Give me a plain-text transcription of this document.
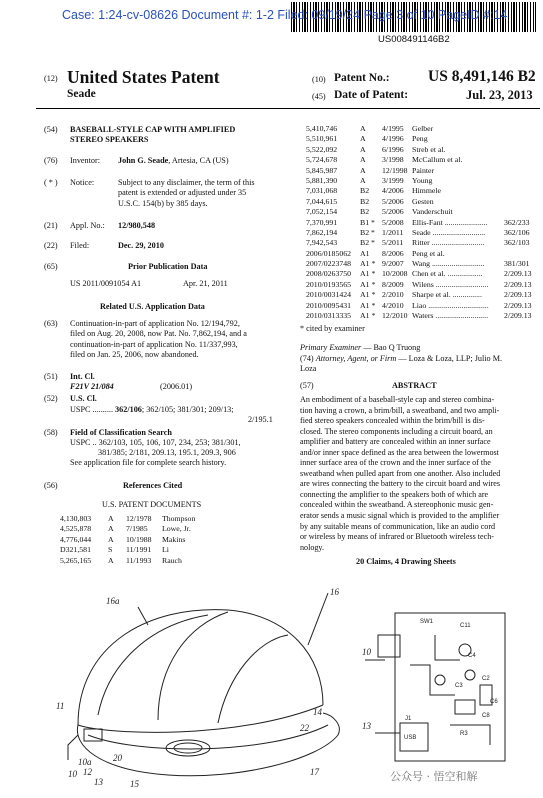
Case: 1:24-cv-08626 Document #: 1-2 Filed: 09/19/24 Page 3 of 10 PageID #:14
US008491146B2
(12) United States Patent
Seade
(10) Patent No.: US 8,491,146 B2
(45) Date of Patent:	Jul. 23, 2013
(54) BASEBALL-STYLE CAP WITH AMPLIFIED
STEREO SPEAKERS
(76) Inventor: John G. Seade, Artesia, CA (US)
( * ) Notice:	Subject to any disclaimer, the term of this
patent is extended or adjusted under 35
U.S.C. 154(b) by 385 days.
(21) Appl. No.: 12/980,548
(22) Filed:	Dec. 29, 2010
(65)	Prior Publication Data
US 2011/0091054 A1	Apr. 21, 2011
Related U.S. Application Data
(63) Continuation-in-part of application No. 12/194,792,
filed on Aug. 20, 2008, now Pat. No. 7,862,194, and a
continuation-in-part of application No. 11/337,993,
filed on Jan. 25, 2006, now abandoned.
(51) Int. Cl.
F21V 21/084	(2006.01)
(52) U.S. Cl.
USPC .......... 362/106; 362/105; 381/301; 209/13;
2/195.1
(58) Field of Classification Search
USPC .. 362/103, 105, 106, 107, 234, 253; 381/301,
381/385; 2/181, 209.13, 195.1, 209.3, 906
See application file for complete search history.
(56)	References Cited
U.S. PATENT DOCUMENTS
4,130,803 A 12/1978 Thompson
4,525,878 A 7/1985 Lowe, Jr.
4,776,044 A 10/1988 Makins
D321,581 S 11/1991 Li
5,265,165 A 11/1993 Rauch
5,410,746	A 4/1995 Gelber
5,510,961	A 4/1996 Peng
5,522,092	A 6/1996 Streb et al.
5,724,678	A 3/1998 McCallum et al.
5,845,987	A 12/1998 Painter
5,881,390	A 3/1999 Young
7,031,068	B2 4/2006 Himmele
7,044,615	B2 5/2006 Gesten
7,052,154	B2 5/2006 Vanderschuit
7,370,991	B1 * 5/2008 Ellis-Fant ...................... 362/233
7,862,194	B2 * 1/2011 Seade ........................... 362/106
7,942,543	B2 * 5/2011 Ritter ...........................	362/103
2006/0185062 A1 8/2006 Peng et al.
2007/0223748 A1 * 9/2007 Wang ........................... 381/301
2008/0263750 A1 * 10/2008 Chen et al. ..................	2/209.13
2010/0193565 A1 * 8/2009 Wilens ........................... 2/209.13
2010/0031424 A1 * 2/2010 Sharpe et al. ...............	2/209.13
2010/0095431 A1 * 4/2010 Liao ............................... 2/209.13
2010/0313335 A1 * 12/2010 Waters ........................... 2/209.13
* cited by examiner
Primary Examiner — Bao Q Truong
(74) Attorney, Agent, or Firm — Loza & Loza, LLP; Julio M.
Loza
(57)	ABSTRACT
An embodiment of a baseball-style cap and stereo combina-
tion having a crown, a brim/bill, a sweatband, and two ampli-
fied stereo speakers concealed within the brim/bill is dis-
closed. The stereo components including a circuit board, an
amplifier and battery are concealed within an inner surface
and/or inner space defined as the area between the lowermost
inner surface area of the crown and the inner surface of the
sweatband when pulled apart from one another. Also included
are wires connecting the battery to the circuit board and wires
connecting the amplifier to the speakers both of which are
concealed within the sweatband. A stereophonic music gen-
erator sends a music signal which is provided to the amplifier
by any suitable means of communication, like an audio cord
or wireless by means of infrared or Bluetooth wireless tech-
nology.
20 Claims, 4 Drawing Sheets
16a
16
11
14
22
10a
12
13
20
10
15
17
SW1
C11
10	C4
C3
C2
C6
13
J1
USB
R3
C8
公众号 · 悟空和解
